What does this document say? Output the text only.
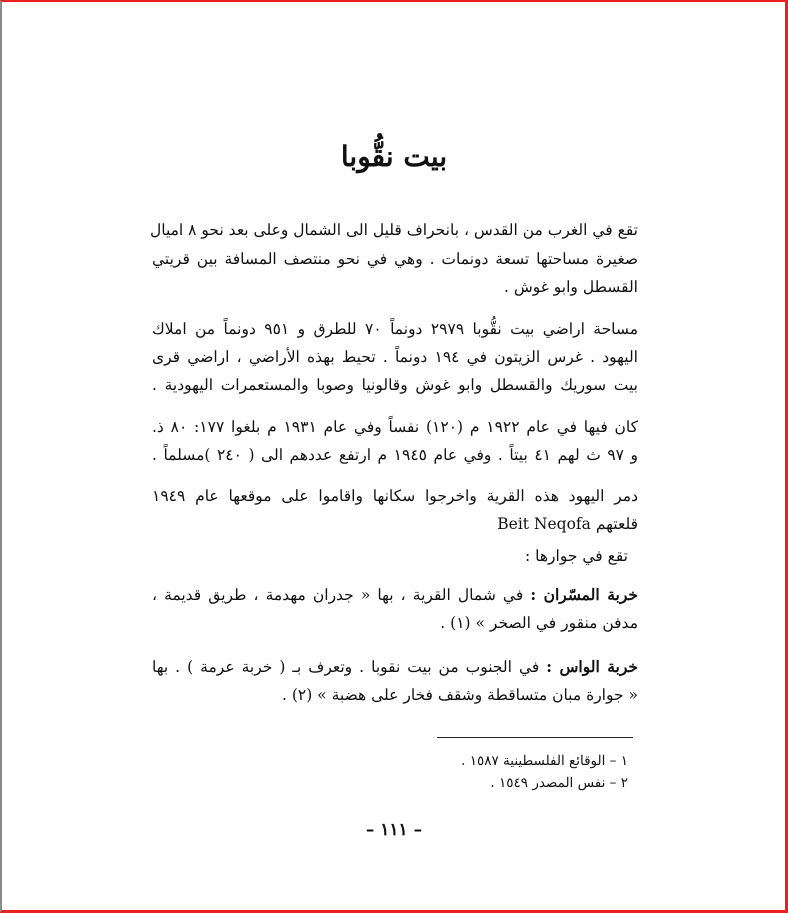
بيت نقُّوبا
تقع في الغرب من القدس ، بانحراف قليل الى الشمال وعلى بعد نحو ٨ اميال
صغيرة مساحتها تسعة دونمات . وهي في نحو منتصف المسافة بين قريتي
القسطل وابو غوش .
مساحة اراضي بيت نقُّوبا ٢٩٧٩ دونماً ٧٠ للطرق و ٩٥١ دونماً من املاك
اليهود . غرس الزيتون في ١٩٤ دونماً . تحيط بهذه الأراضي ، اراضي قرى
بيت سوريك والقسطل وابو غوش وقالونيا وصوبا والمستعمرات اليهودية .
كان فيها في عام ١٩٢٢ م (١٢٠) نفساً وفي عام ١٩٣١ م بلغوا ١٧٧: ٨٠ ذ.
و ٩٧ ث لهم ٤١ بيتاً . وفي عام ١٩٤٥ م ارتفع عددهم الى ( ٢٤٠ )مسلماً .
دمر اليهود هذه القرية واخرجوا سكانها واقاموا على موقعها عام ١٩٤٩
قلعتهم Beit Neqofa
تقع في جوارها :
خربة المسّران : في شمال القرية ، بها « جدران مهدمة ، طريق قديمة ،
مدفن منقور في الصخر » (١) .
خربة الواس : في الجنوب من بيت نقوبا . وتعرف بـ ( خربة عرمة ) . بها
« جوارة مبان متساقطة وشقف فخار على هضبة » (٢) .
١ – الوقائع الفلسطينية ١٥٨٧ .
٢ – نفس المصدر ١٥٤٩ .
– ١١١ –
